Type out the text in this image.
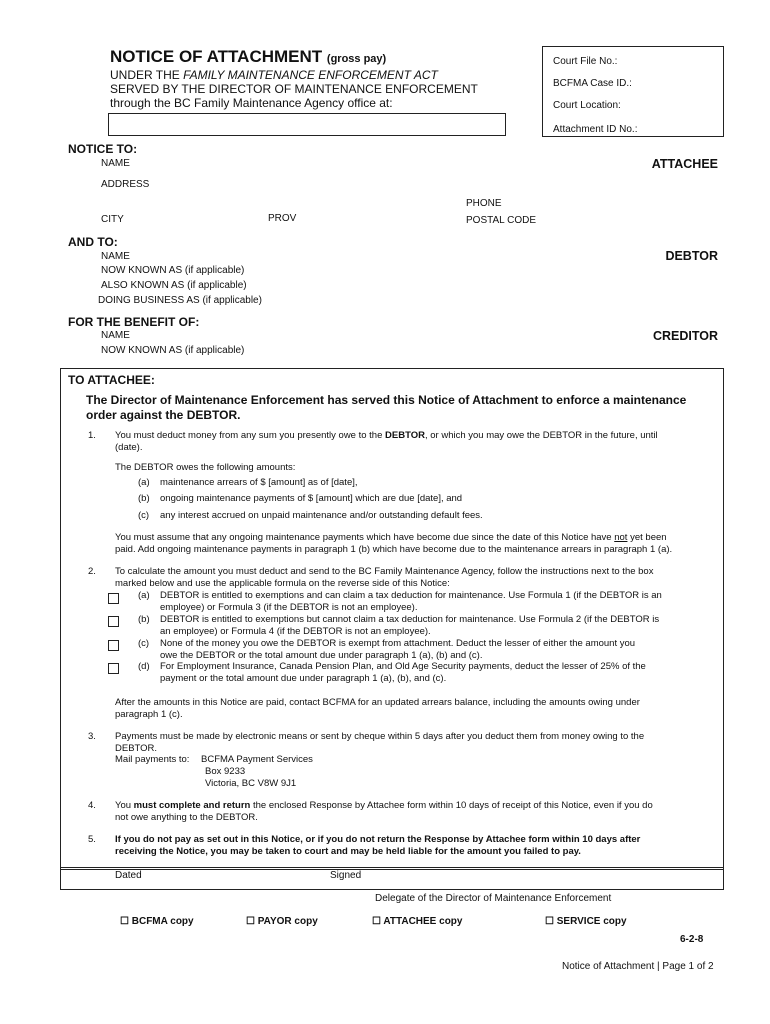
NOTICE OF ATTACHMENT (gross pay)
UNDER THE FAMILY MAINTENANCE ENFORCEMENT ACT
SERVED BY THE DIRECTOR OF MAINTENANCE ENFORCEMENT
through the BC Family Maintenance Agency office at:
Court File No.:
BCFMA Case ID.:
Court Location:
Attachment ID No.:
NOTICE TO:
NAME	ATTACHEE
ADDRESS
PHONE
CITY	PROV	POSTAL CODE
AND TO:
NAME	DEBTOR
NOW KNOWN AS (if applicable)
ALSO KNOWN AS (if applicable)
DOING BUSINESS AS (if applicable)
FOR THE BENEFIT OF:
NAME	CREDITOR
NOW KNOWN AS (if applicable)
TO ATTACHEE:
The Director of Maintenance Enforcement has served this Notice of Attachment to enforce a maintenance
order against the DEBTOR.
1. You must deduct money from any sum you presently owe to the DEBTOR, or which you may owe the DEBTOR in the future, until
(date).
The DEBTOR owes the following amounts:
(a) maintenance arrears of $ [amount] as of [date],
(b) ongoing maintenance payments of $ [amount] which are due [date], and
(c) any interest accrued on unpaid maintenance and/or outstanding default fees.
You must assume that any ongoing maintenance payments which have become due since the date of this Notice have not yet been
paid. Add ongoing maintenance payments in paragraph 1 (b) which have become due to the maintenance arrears in paragraph 1 (a).
2. To calculate the amount you must deduct and send to the BC Family Maintenance Agency, follow the instructions next to the box
marked below and use the applicable formula on the reverse side of this Notice:
(a) DEBTOR is entitled to exemptions and can claim a tax deduction for maintenance. Use Formula 1 (if the DEBTOR is an
employee) or Formula 3 (if the DEBTOR is not an employee).
(b) DEBTOR is entitled to exemptions but cannot claim a tax deduction for maintenance. Use Formula 2 (if the DEBTOR is
an employee) or Formula 4 (if the DEBTOR is not an employee).
(c) None of the money you owe the DEBTOR is exempt from attachment. Deduct the lesser of either the amount you
owe the DEBTOR or the total amount due under paragraph 1 (a), (b) and (c).
(d) For Employment Insurance, Canada Pension Plan, and Old Age Security payments, deduct the lesser of 25% of the
payment or the total amount due under paragraph 1 (a), (b), and (c).
After the amounts in this Notice are paid, contact BCFMA for an updated arrears balance, including the amounts owing under
paragraph 1 (c).
3. Payments must be made by electronic means or sent by cheque within 5 days after you deduct them from money owing to the
DEBTOR.
Mail payments to: BCFMA Payment Services
Box 9233
Victoria, BC V8W 9J1
4. You must complete and return the enclosed Response by Attachee form within 10 days of receipt of this Notice, even if you do
not owe anything to the DEBTOR.
5. If you do not pay as set out in this Notice, or if you do not return the Response by Attachee form within 10 days after
receiving the Notice, you may be taken to court and may be held liable for the amount you failed to pay.
Dated	Signed
Delegate of the Director of Maintenance Enforcement
☐ BCFMA copy	☐ PAYOR copy	☐ ATTACHEE copy	☐ SERVICE copy
6-2-8
Notice of Attachment | Page 1 of 2
